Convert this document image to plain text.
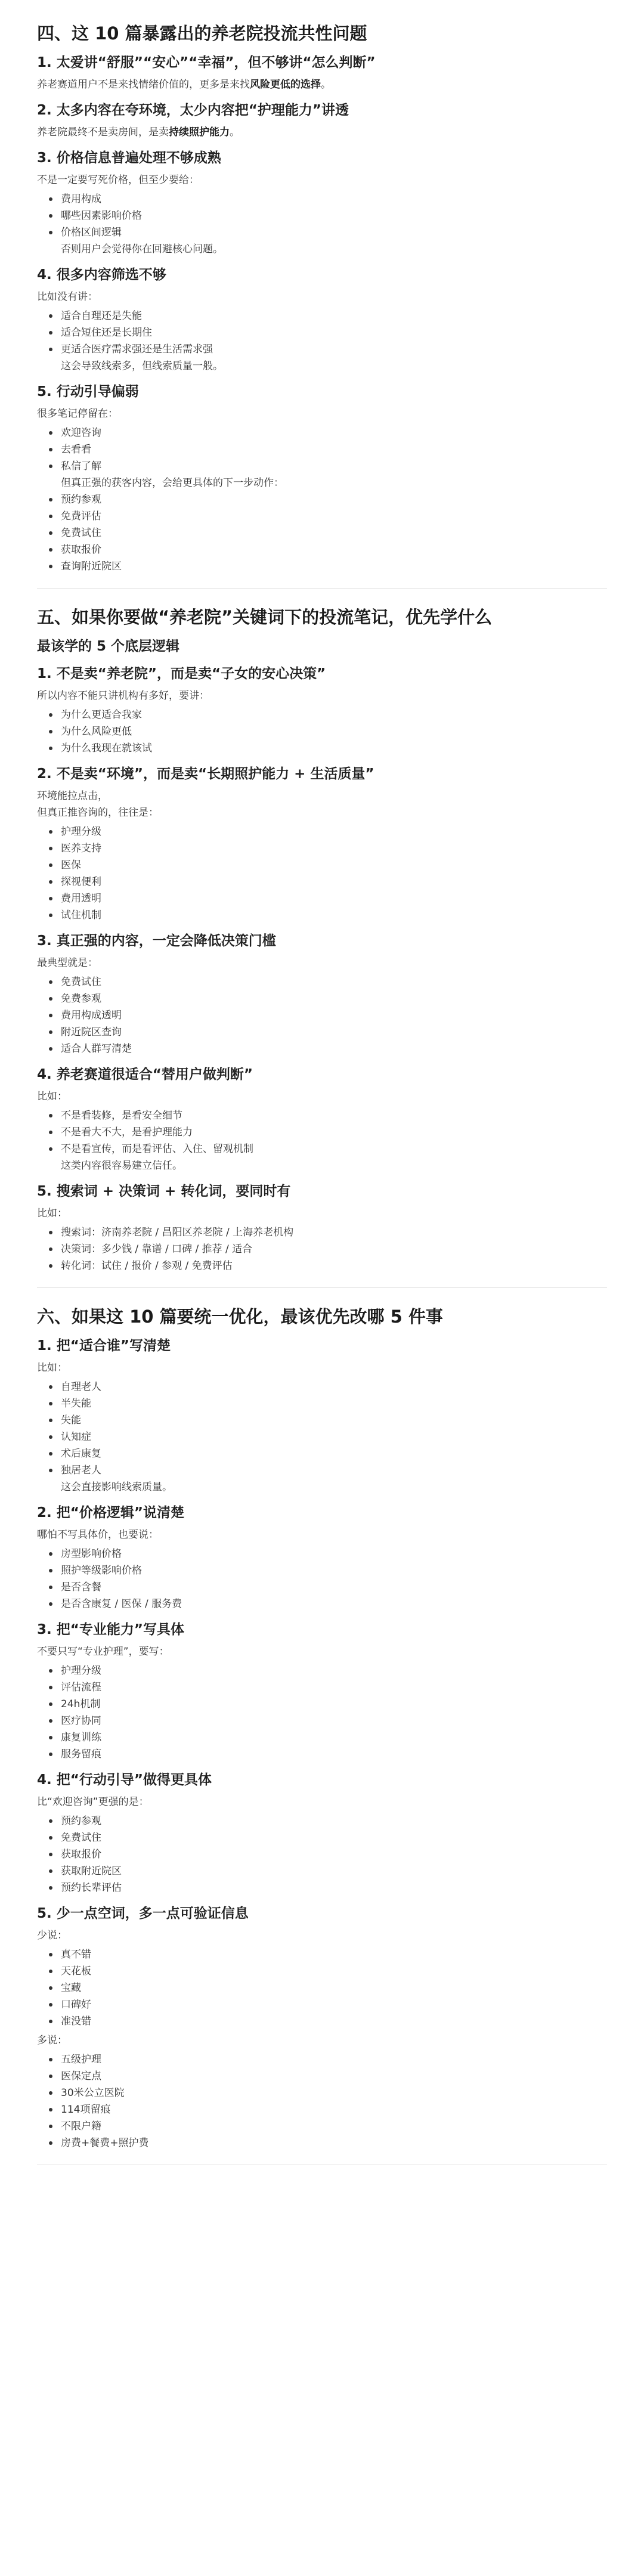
四、这 10 篇暴露出的养老院投流共性问题
1. 太爱讲“舒服”“安心”“幸福”，但不够讲“怎么判断”
养老赛道用户不是来找情绪价值的，更多是来找风险更低的选择。
2. 太多内容在夸环境，太少内容把“护理能力”讲透
养老院最终不是卖房间，是卖持续照护能力。
3. 价格信息普遍处理不够成熟
不是一定要写死价格，但至少要给：
费用构成
哪些因素影响价格
价格区间逻辑
否则用户会觉得你在回避核心问题。
4. 很多内容筛选不够
比如没有讲：
适合自理还是失能
适合短住还是长期住
更适合医疗需求强还是生活需求强
这会导致线索多，但线索质量一般。
5. 行动引导偏弱
很多笔记停留在：
欢迎咨询
去看看
私信了解
但真正强的获客内容，会给更具体的下一步动作：
预约参观
免费评估
免费试住
获取报价
查询附近院区
五、如果你要做“养老院”关键词下的投流笔记，优先学什么
最该学的 5 个底层逻辑
1. 不是卖“养老院”，而是卖“子女的安心决策”
所以内容不能只讲机构有多好，要讲：
为什么更适合我家
为什么风险更低
为什么我现在就该试
2. 不是卖“环境”，而是卖“长期照护能力 + 生活质量”
环境能拉点击，
但真正推咨询的，往往是：
护理分级
医养支持
医保
探视便利
费用透明
试住机制
3. 真正强的内容，一定会降低决策门槛
最典型就是：
免费试住
免费参观
费用构成透明
附近院区查询
适合人群写清楚
4. 养老赛道很适合“替用户做判断”
比如：
不是看装修，是看安全细节
不是看大不大，是看护理能力
不是看宣传，而是看评估、入住、留观机制
这类内容很容易建立信任。
5. 搜索词 + 决策词 + 转化词，要同时有
比如：
搜索词：济南养老院 / 昌阳区养老院 / 上海养老机构
决策词：多少钱 / 靠谱 / 口碑 / 推荐 / 适合
转化词：试住 / 报价 / 参观 / 免费评估
六、如果这 10 篇要统一优化，最该优先改哪 5 件事
1. 把“适合谁”写清楚
比如：
自理老人
半失能
失能
认知症
术后康复
独居老人
这会直接影响线索质量。
2. 把“价格逻辑”说清楚
哪怕不写具体价，也要说：
房型影响价格
照护等级影响价格
是否含餐
是否含康复 / 医保 / 服务费
3. 把“专业能力”写具体
不要只写“专业护理”，要写：
护理分级
评估流程
24h机制
医疗协同
康复训练
服务留痕
4. 把“行动引导”做得更具体
比“欢迎咨询”更强的是：
预约参观
免费试住
获取报价
获取附近院区
预约长辈评估
5. 少一点空词，多一点可验证信息
少说：
真不错
天花板
宝藏
口碑好
准没错
多说：
五级护理
医保定点
30米公立医院
114项留痕
不限户籍
房费+餐费+照护费
